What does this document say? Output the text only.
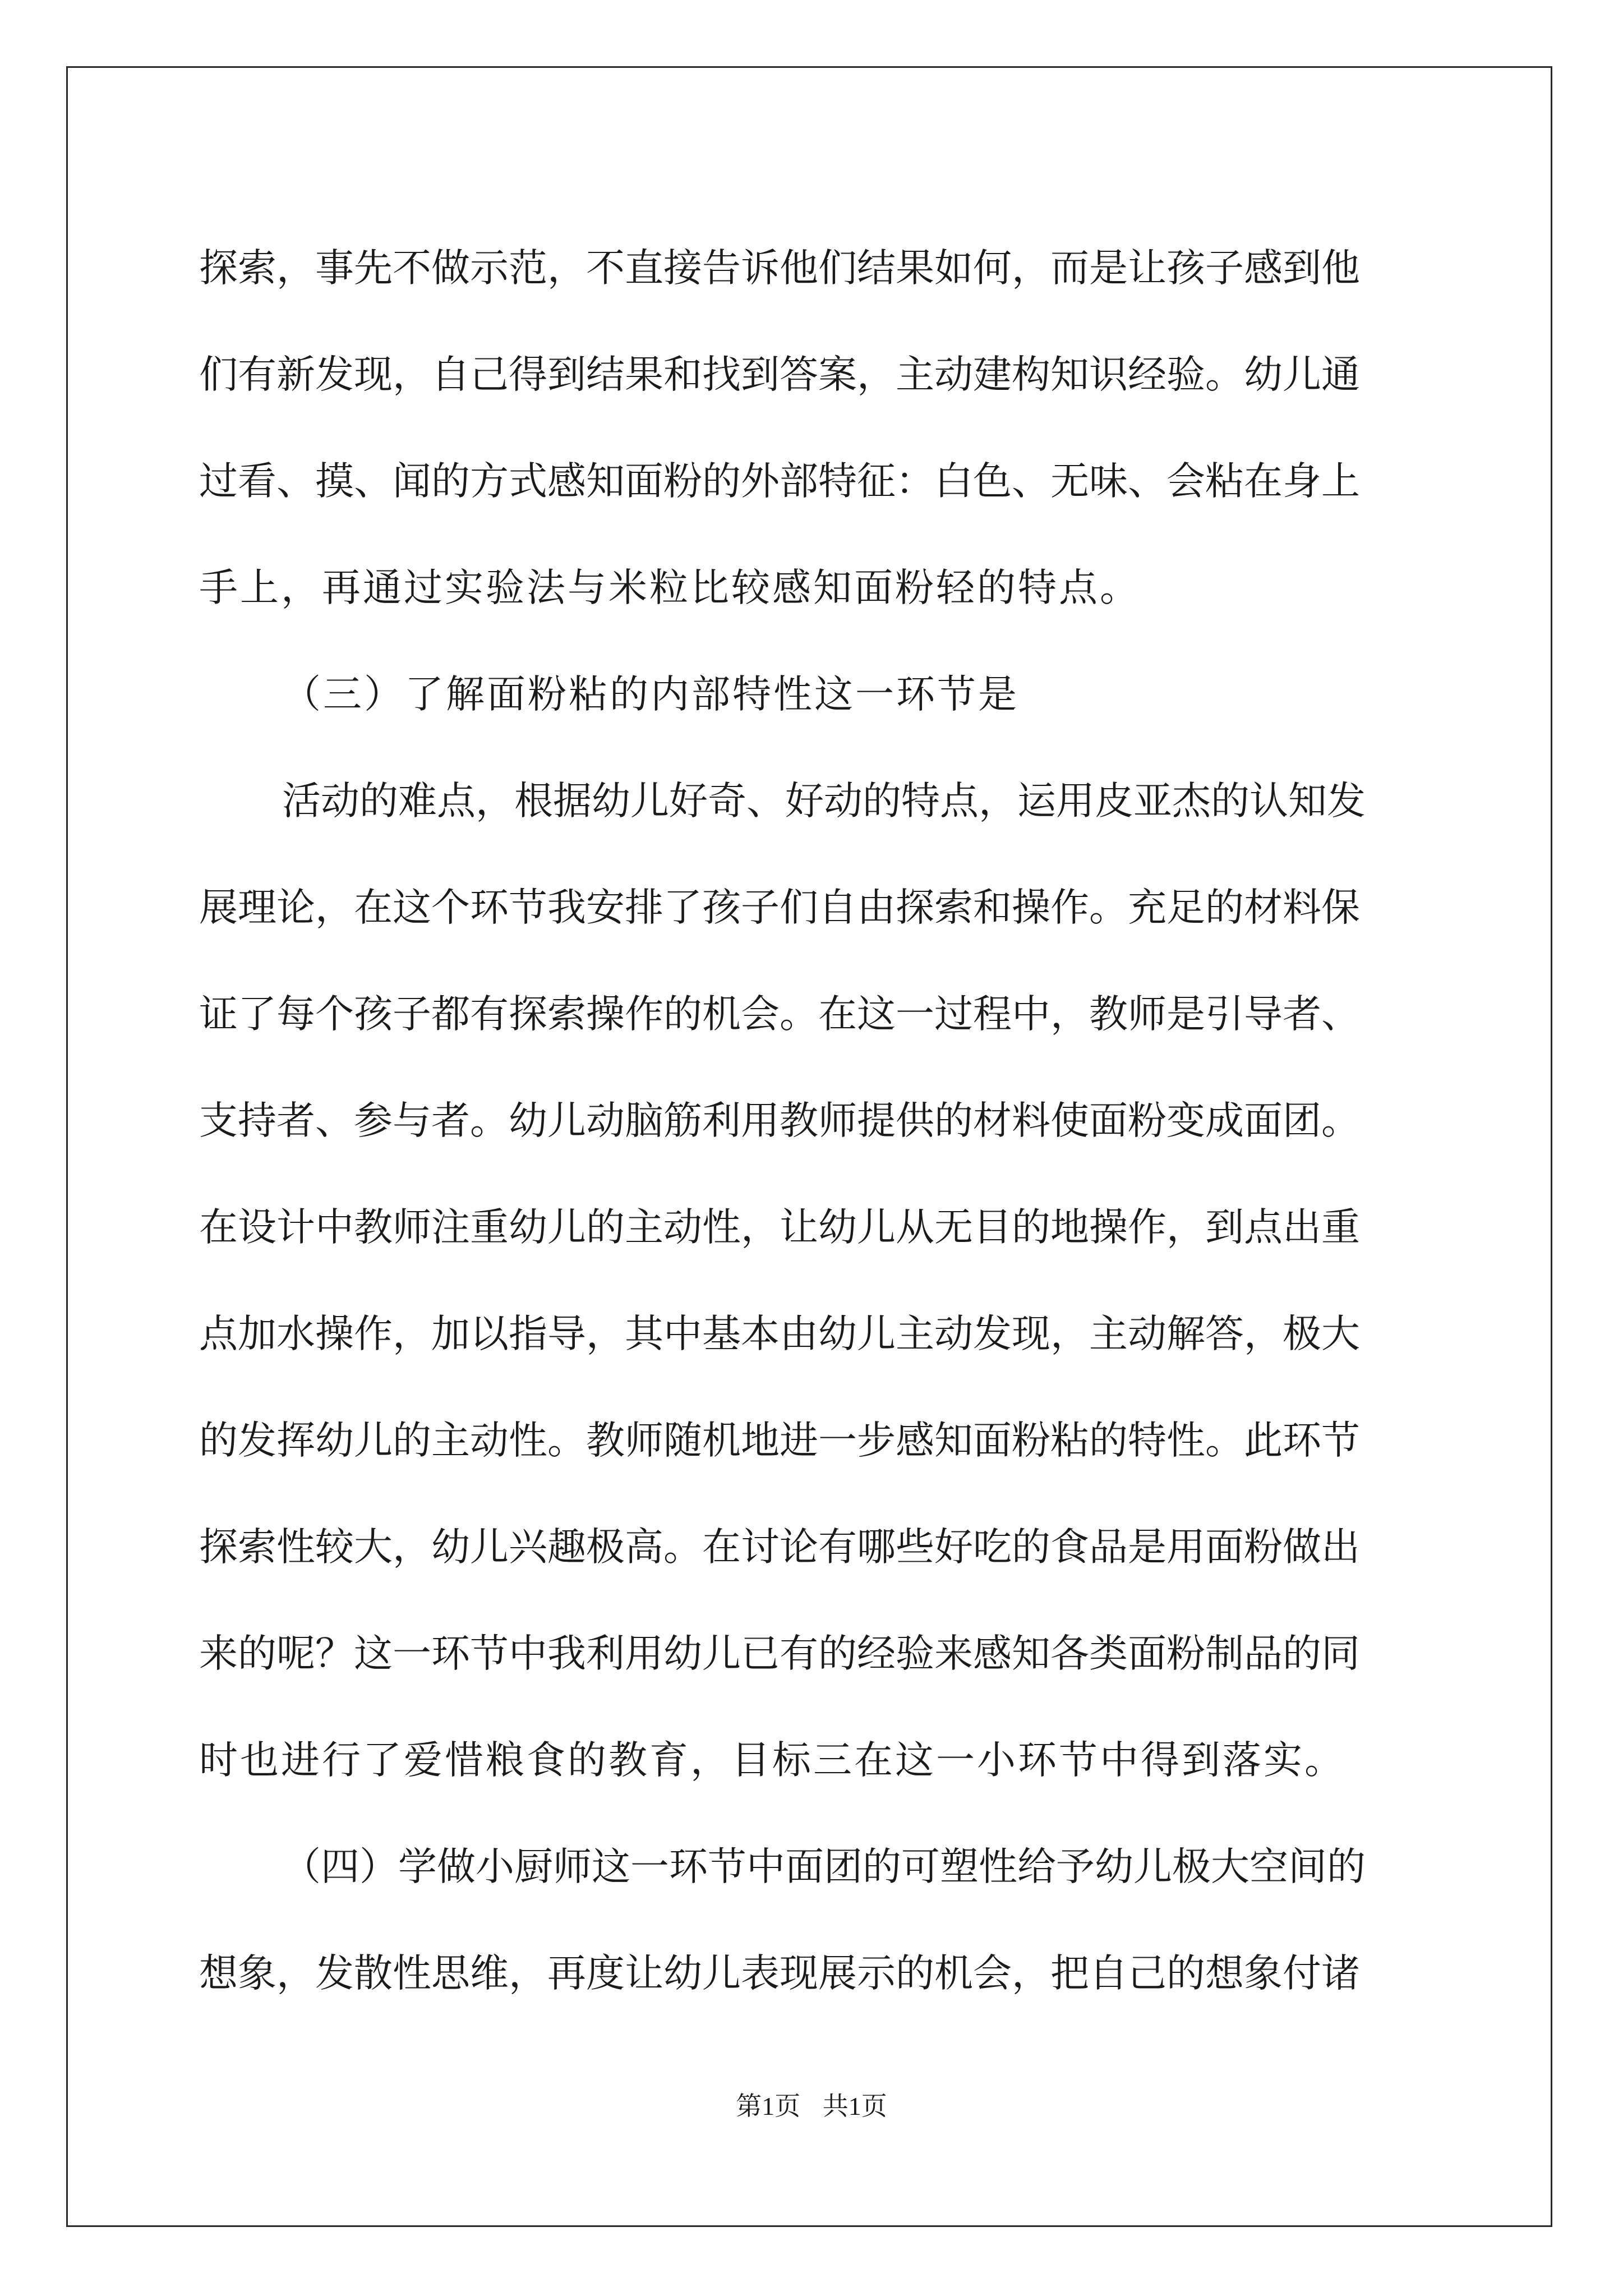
探索，事先不做示范，不直接告诉他们结果如何，而是让孩子感到他
们有新发现，自己得到结果和找到答案，主动建构知识经验。幼儿通
过看、摸、闻的方式感知面粉的外部特征：白色、无味、会粘在身上
手上，再通过实验法与米粒比较感知面粉轻的特点。
（三）了解面粉粘的内部特性这一环节是
活动的难点，根据幼儿好奇、好动的特点，运用皮亚杰的认知发
展理论，在这个环节我安排了孩子们自由探索和操作。充足的材料保
证了每个孩子都有探索操作的机会。在这一过程中，教师是引导者、
支持者、参与者。幼儿动脑筋利用教师提供的材料使面粉变成面团。
在设计中教师注重幼儿的主动性，让幼儿从无目的地操作，到点出重
点加水操作，加以指导，其中基本由幼儿主动发现，主动解答，极大
的发挥幼儿的主动性。教师随机地进一步感知面粉粘的特性。此环节
探索性较大，幼儿兴趣极高。在讨论有哪些好吃的食品是用面粉做出
来的呢？这一环节中我利用幼儿已有的经验来感知各类面粉制品的同
时也进行了爱惜粮食的教育，目标三在这一小环节中得到落实。
（四）学做小厨师这一环节中面团的可塑性给予幼儿极大空间的
想象，发散性思维，再度让幼儿表现展示的机会，把自己的想象付诸
第1页 共1页
